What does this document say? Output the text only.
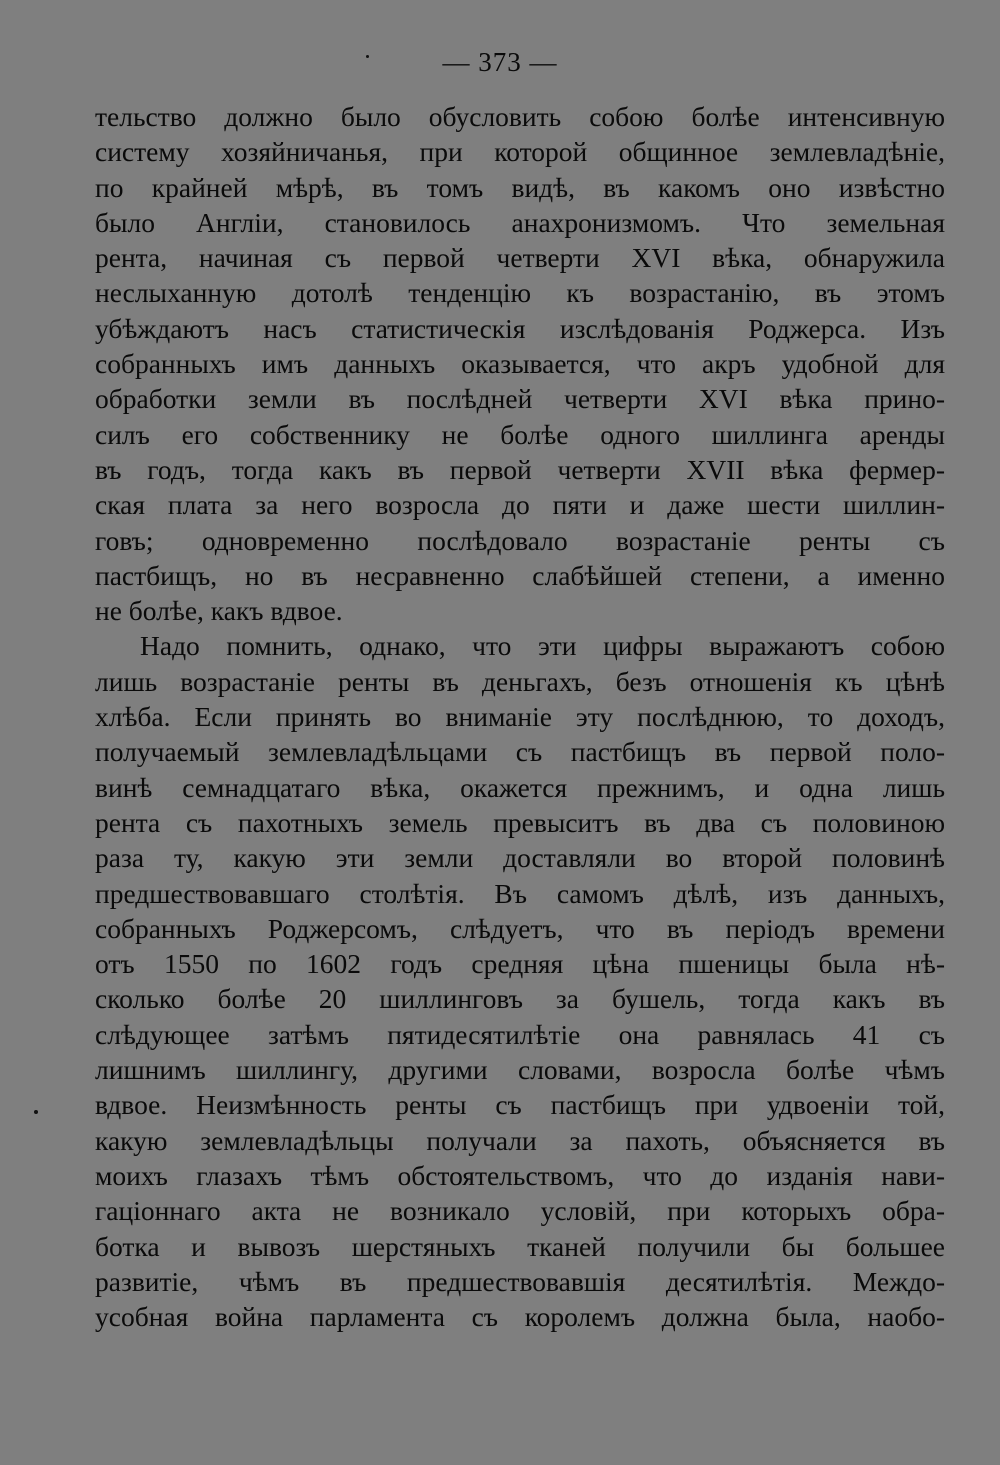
— 373 —
тельство должно было обусловить собою болѣе интенсивную
систему хозяйничанья, при которой общинное землевладѣніе,
по крайней мѣрѣ, въ томъ видѣ, въ какомъ оно извѣстно
было Англіи, становилось анахронизмомъ. Что земельная
рента, начиная съ первой четверти XVI вѣка, обнаружила
неслыханную дотолѣ тенденцію къ возрастанію, въ этомъ
убѣждаютъ насъ статистическія изслѣдованія Роджерса. Изъ
собранныхъ имъ данныхъ оказывается, что акръ удобной для
обработки земли въ послѣдней четверти XVI вѣка прино-
силъ его собственнику не болѣе одного шиллинга аренды
въ годъ, тогда какъ въ первой четверти XVII вѣка фермер-
ская плата за него возросла до пяти и даже шести шиллин-
говъ; одновременно послѣдовало возрастаніе ренты съ
пастбищъ, но въ несравненно слабѣйшей степени, а именно
не болѣе, какъ вдвое.
Надо помнить, однако, что эти цифры выражаютъ собою
лишь возрастаніе ренты въ деньгахъ, безъ отношенія къ цѣнѣ
хлѣба. Если принять во вниманіе эту послѣднюю, то доходъ,
получаемый землевладѣльцами съ пастбищъ въ первой поло-
винѣ семнадцатаго вѣка, окажется прежнимъ, и одна лишь
рента съ пахотныхъ земель превыситъ въ два съ половиною
раза ту, какую эти земли доставляли во второй половинѣ
предшествовавшаго столѣтія. Въ самомъ дѣлѣ, изъ данныхъ,
собранныхъ Роджерсомъ, слѣдуетъ, что въ періодъ времени
отъ 1550 по 1602 годъ средняя цѣна пшеницы была нѣ-
сколько болѣе 20 шиллинговъ за бушель, тогда какъ въ
слѣдующее затѣмъ пятидесятилѣтіе она равнялась 41 съ
лишнимъ шиллингу, другими словами, возросла болѣе чѣмъ
вдвое. Неизмѣнность ренты съ пастбищъ при удвоеніи той,
какую землевладѣльцы получали за пахоть, объясняется въ
моихъ глазахъ тѣмъ обстоятельствомъ, что до изданія нави-
гаціоннаго акта не возникало условій, при которыхъ обра-
ботка и вывозъ шерстяныхъ тканей получили бы большее
развитіе, чѣмъ въ предшествовавшія десятилѣтія. Междо-
усобная война парламента съ королемъ должна была, наобо-
